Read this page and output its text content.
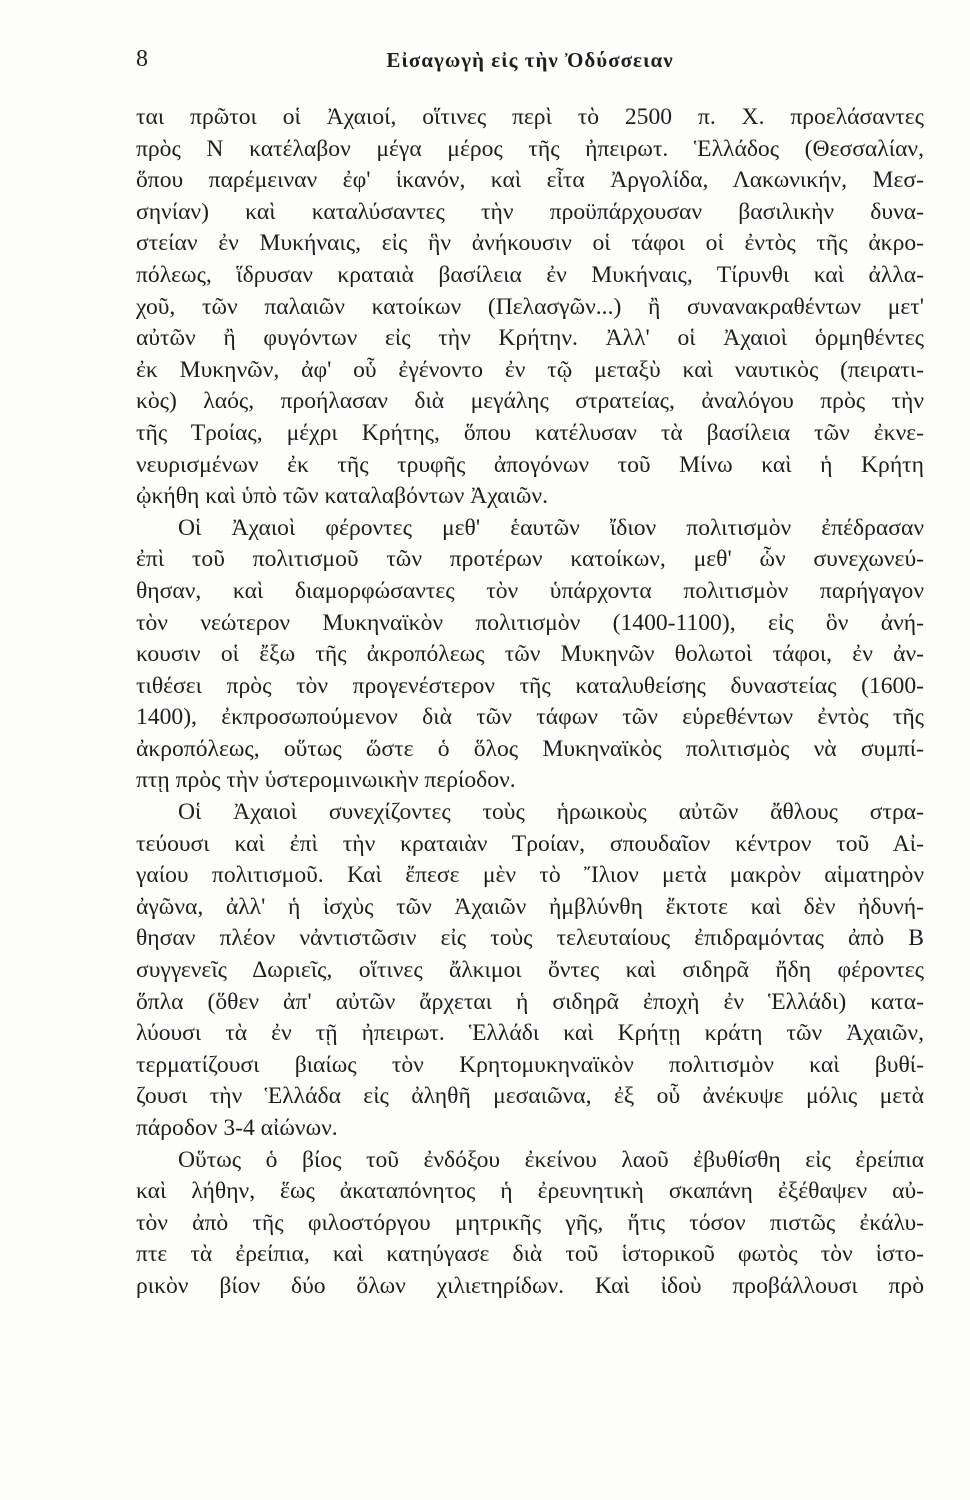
8	Εἰσαγωγὴ εἰς τὴν Ὀδύσσειαν
ται πρῶτοι οἱ Ἀχαιοί, οἵτινες περὶ τὸ 2500 π. Χ. προελάσαντες
πρὸς Ν κατέλαβον μέγα μέρος τῆς ἠπειρωτ. Ἑλλάδος (Θεσσαλίαν,
ὅπου παρέμειναν ἐφ' ἱκανόν, καὶ εἶτα Ἀργολίδα, Λακωνικήν, Μεσ-
σηνίαν) καὶ καταλύσαντες τὴν προϋπάρχουσαν βασιλικὴν δυνα-
στείαν ἐν Μυκήναις, εἰς ἣν ἀνήκουσιν οἱ τάφοι οἱ ἐντὸς τῆς ἀκρο-
πόλεως, ἵδρυσαν κραταιὰ βασίλεια ἐν Μυκήναις, Τίρυνθι καὶ ἀλλα-
χοῦ, τῶν παλαιῶν κατοίκων (Πελασγῶν...) ἢ συνανακραθέντων μετ'
αὐτῶν ἢ φυγόντων εἰς τὴν Κρήτην. Ἀλλ' οἱ Ἀχαιοὶ ὁρμηθέντες
ἐκ Μυκηνῶν, ἀφ' οὗ ἐγένοντο ἐν τῷ μεταξὺ καὶ ναυτικὸς (πειρατι-
κὸς) λαός, προήλασαν διὰ μεγάλης στρατείας, ἀναλόγου πρὸς τὴν
τῆς Τροίας, μέχρι Κρήτης, ὅπου κατέλυσαν τὰ βασίλεια τῶν ἐκνε-
νευρισμένων ἐκ τῆς τρυφῆς ἀπογόνων τοῦ Μίνω καὶ ἡ Κρήτη
ᾠκήθη καὶ ὑπὸ τῶν καταλαβόντων Ἀχαιῶν.
Οἱ Ἀχαιοὶ φέροντες μεθ' ἑαυτῶν ἴδιον πολιτισμὸν ἐπέδρασαν
ἐπὶ τοῦ πολιτισμοῦ τῶν προτέρων κατοίκων, μεθ' ὧν συνεχωνεύ-
θησαν, καὶ διαμορφώσαντες τὸν ὑπάρχοντα πολιτισμὸν παρήγαγον
τὸν νεώτερον Μυκηναϊκὸν πολιτισμὸν (1400-1100), εἰς ὃν ἀνή-
κουσιν οἱ ἔξω τῆς ἀκροπόλεως τῶν Μυκηνῶν θολωτοὶ τάφοι, ἐν ἀν-
τιθέσει πρὸς τὸν προγενέστερον τῆς καταλυθείσης δυναστείας (1600-
1400), ἐκπροσωπούμενον διὰ τῶν τάφων τῶν εὑρεθέντων ἐντὸς τῆς
ἀκροπόλεως, οὕτως ὥστε ὁ ὅλος Μυκηναϊκὸς πολιτισμὸς νὰ συμπί-
πτῃ πρὸς τὴν ὑστερομινωικὴν περίοδον.
Οἱ Ἀχαιοὶ συνεχίζοντες τοὺς ἡρωικοὺς αὐτῶν ἄθλους στρα-
τεύουσι καὶ ἐπὶ τὴν κραταιὰν Τροίαν, σπουδαῖον κέντρον τοῦ Αἰ-
γαίου πολιτισμοῦ. Καὶ ἔπεσε μὲν τὸ Ἴλιον μετὰ μακρὸν αἱματηρὸν
ἀγῶνα, ἀλλ' ἡ ἰσχὺς τῶν Ἀχαιῶν ἠμβλύνθη ἔκτοτε καὶ δὲν ἠδυνή-
θησαν πλέον νἀντιστῶσιν εἰς τοὺς τελευταίους ἐπιδραμόντας ἀπὸ Β
συγγενεῖς Δωριεῖς, οἵτινες ἄλκιμοι ὄντες καὶ σιδηρᾶ ἤδη φέροντες
ὅπλα (ὅθεν ἀπ' αὐτῶν ἄρχεται ἡ σιδηρᾶ ἐποχὴ ἐν Ἑλλάδι) κατα-
λύουσι τὰ ἐν τῇ ἠπειρωτ. Ἑλλάδι καὶ Κρήτῃ κράτη τῶν Ἀχαιῶν,
τερματίζουσι βιαίως τὸν Κρητομυκηναϊκὸν πολιτισμὸν καὶ βυθί-
ζουσι τὴν Ἑλλάδα εἰς ἀληθῆ μεσαιῶνα, ἐξ οὗ ἀνέκυψε μόλις μετὰ
πάροδον 3-4 αἰώνων.
Οὕτως ὁ βίος τοῦ ἐνδόξου ἐκείνου λαοῦ ἐβυθίσθη εἰς ἐρείπια
καὶ λήθην, ἕως ἀκαταπόνητος ἡ ἐρευνητικὴ σκαπάνη ἐξέθαψεν αὐ-
τὸν ἀπὸ τῆς φιλοστόργου μητρικῆς γῆς, ἥτις τόσον πιστῶς ἐκάλυ-
πτε τὰ ἐρείπια, καὶ κατηύγασε διὰ τοῦ ἱστορικοῦ φωτὸς τὸν ἱστο-
ρικὸν βίον δύο ὅλων χιλιετηρίδων. Καὶ ἰδοὺ προβάλλουσι πρὸ
